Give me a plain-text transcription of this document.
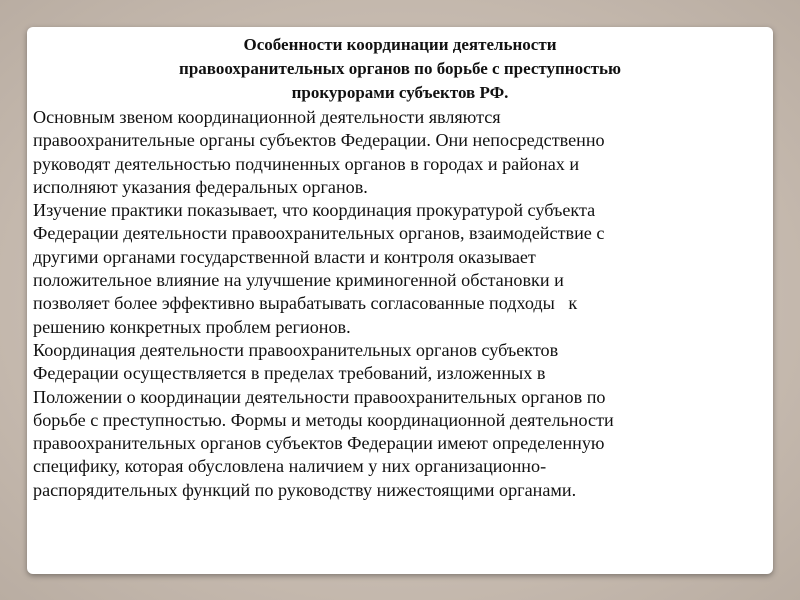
Особенности координации деятельности
правоохранительных органов по борьбе с преступностью
прокурорами субъектов РФ.
Основным звеном координационной деятельности являются
правоохранительные органы субъектов Федерации. Они непосредственно
руководят деятельностью подчиненных органов в городах и районах и
исполняют указания федеральных органов.
Изучение практики показывает, что координация прокуратурой субъекта
Федерации деятельности правоохранительных органов, взаимодействие с
другими органами государственной власти и контроля оказывает
положительное влияние на улучшение криминогенной обстановки и
позволяет более эффективно вырабатывать согласованные подходы   к
решению конкретных проблем регионов.
Координация деятельности правоохранительных органов субъектов
Федерации осуществляется в пределах требований, изложенных в
Положении о координации деятельности правоохранительных органов по
борьбе с преступностью. Формы и методы координационной деятельности
правоохранительных органов субъектов Федерации имеют определенную
специфику, которая обусловлена наличием у них организационно-
распорядительных функций по руководству нижестоящими органами.
